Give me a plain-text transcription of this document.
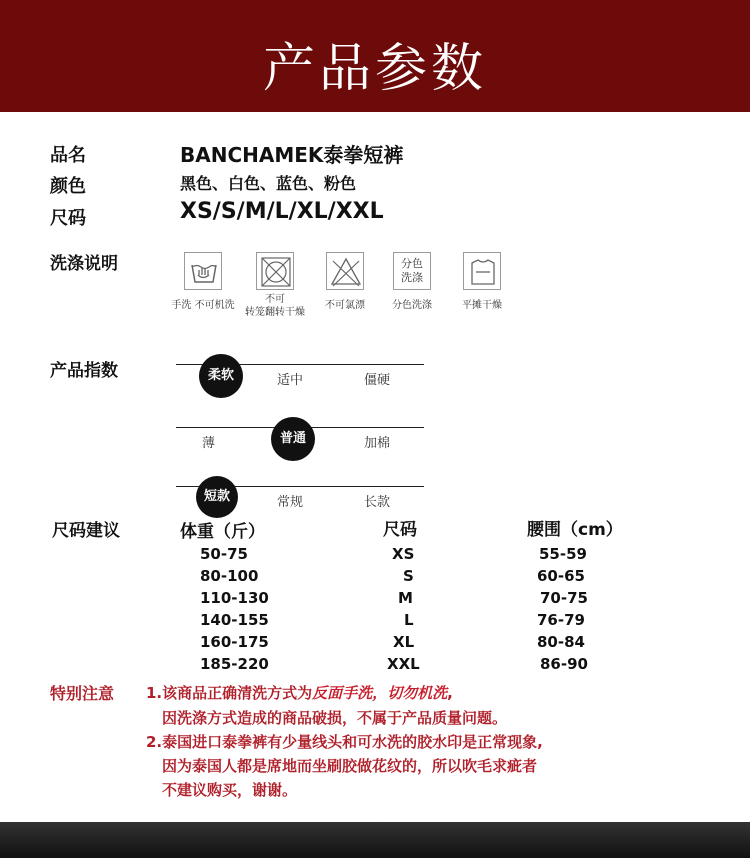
产品参数
品名	BANCHAMEK泰拳短裤
颜色	黑色、白色、蓝色、粉色
尺码	XS/S/M/L/XL/XXL
洗涤说明
手洗 不可机洗
不可
转笼翻转干燥
不可氯漂
分色
洗涤
分色洗涤	平摊干燥
产品指数	柔软	适中	僵硬
薄	普通	加棉
短款	常规	长款
尺码建议	体重（斤）	尺码	腰围（cm）
50-75	XS	55-59
80-100	S	60-65
110-130	M	70-75
140-155	L	76-79
160-175	XL	80-84
185-220	XXL	86-90
特别注意 1.该商品正确清洗方式为反面手洗，切勿机洗,
因洗涤方式造成的商品破损，不属于产品质量问题。
2.泰国进口泰拳裤有少量线头和可水洗的胶水印是正常现象,
因为泰国人都是席地而坐刷胶做花纹的，所以吹毛求疵者
不建议购买，谢谢。
